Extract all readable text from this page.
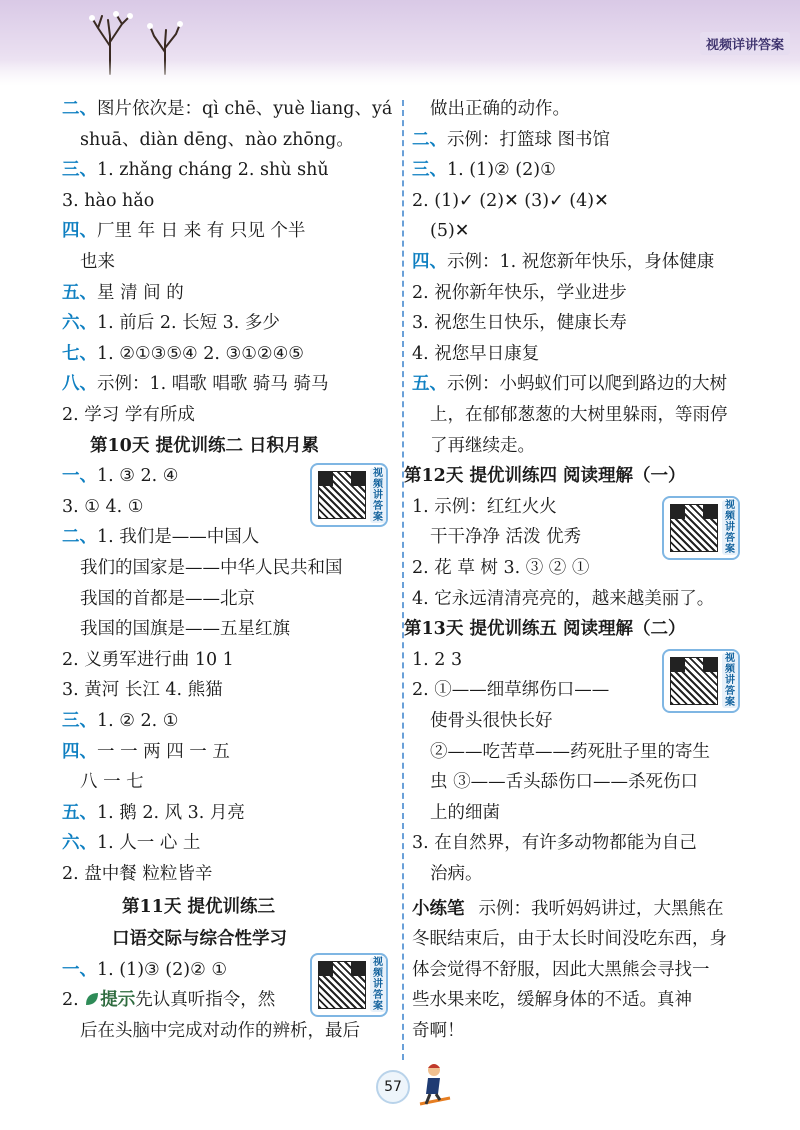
视频详讲答案
二、图片依次是：qì chē、yuè liang、yá
shuā、diàn dēng、nào zhōng。
三、1. zhǎng cháng 2. shù shǔ
3. hào hǎo
四、厂里 年 日 来 有 只见 个半
也来
五、星 清 间 的
六、1. 前后 2. 长短 3. 多少
七、1. ②①③⑤④ 2. ③①②④⑤
八、示例：1. 唱歌 唱歌 骑马 骑马
2. 学习 学有所成
第10天 提优训练二 日积月累
视频讲答案
一、1. ③ 2. ④
3. ① 4. ①
二、1. 我们是——中国人
我们的国家是——中华人民共和国
我国的首都是——北京
我国的国旗是——五星红旗
2. 义勇军进行曲 10 1
3. 黄河 长江 4. 熊猫
三、1. ② 2. ①
四、一 一 两 四 一 五
八 一 七
五、1. 鹅 2. 风 3. 月亮
六、1. 人一 心 土
2. 盘中餐 粒粒皆辛
第11天 提优训练三
口语交际与综合性学习
视频讲答案
一、1. (1)③ (2)② ①
2. 提示先认真听指令，然
后在头脑中完成对动作的辨析，最后
做出正确的动作。
二、示例：打篮球 图书馆
三、1. (1)② (2)①
2. (1)✓ (2)✕ (3)✓ (4)✕
(5)✕
四、示例：1. 祝您新年快乐，身体健康
2. 祝你新年快乐，学业进步
3. 祝您生日快乐，健康长寿
4. 祝您早日康复
五、示例：小蚂蚁们可以爬到路边的大树
上，在郁郁葱葱的大树里躲雨，等雨停
了再继续走。
第12天 提优训练四 阅读理解（一）
视频讲答案
1. 示例：红红火火
干干净净 活泼 优秀
2. 花 草 树 3. ③ ② ①
4. 它永远清清亮亮的，越来越美丽了。
第13天 提优训练五 阅读理解（二）
视频讲答案
1. 2 3
2. ①——细草绑伤口——
使骨头很快长好
②——吃苦草——药死肚子里的寄生
虫 ③——舌头舔伤口——杀死伤口
上的细菌
3. 在自然界，有许多动物都能为自己
治病。
小练笔 示例：我听妈妈讲过，大黑熊在
冬眠结束后，由于太长时间没吃东西，身
体会觉得不舒服，因此大黑熊会寻找一
些水果来吃，缓解身体的不适。真神
奇啊！
57
